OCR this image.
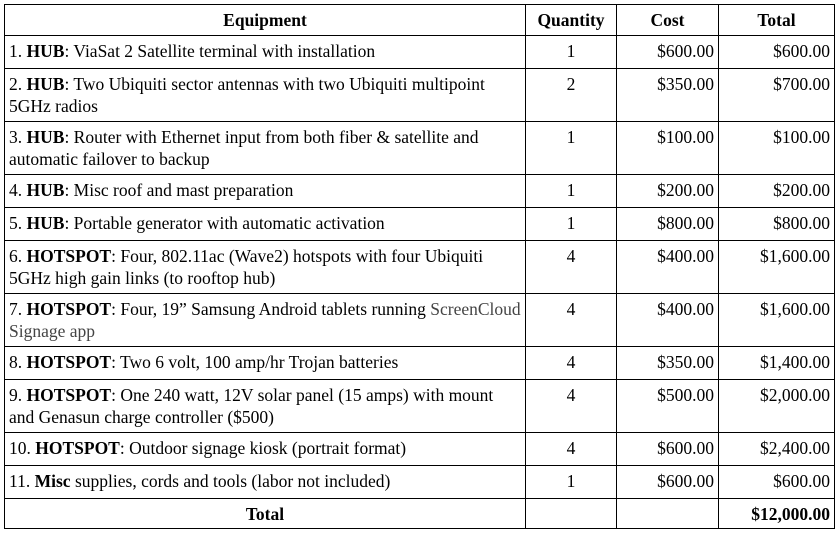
Equipment	Quantity	Cost	Total
1. HUB: ViaSat 2 Satellite terminal with installation	1	$600.00	$600.00
2. HUB: Two Ubiquiti sector antennas with two Ubiquiti multipoint 5GHz radios	2	$350.00	$700.00
3. HUB: Router with Ethernet input from both fiber & satellite and automatic failover to backup	1	$100.00	$100.00
4. HUB: Misc roof and mast preparation	1	$200.00	$200.00
5. HUB: Portable generator with automatic activation	1	$800.00	$800.00
6. HOTSPOT: Four, 802.11ac (Wave2) hotspots with four Ubiquiti 5GHz high gain links (to rooftop hub)	4	$400.00	$1,600.00
7. HOTSPOT: Four, 19” Samsung Android tablets running ScreenCloud Signage app	4	$400.00	$1,600.00
8. HOTSPOT: Two 6 volt, 100 amp/hr Trojan batteries	4	$350.00	$1,400.00
9. HOTSPOT: One 240 watt, 12V solar panel (15 amps) with mount and Genasun charge controller ($500)	4	$500.00	$2,000.00
10. HOTSPOT: Outdoor signage kiosk (portrait format)	4	$600.00	$2,400.00
11. Misc supplies, cords and tools (labor not included)	1	$600.00	$600.00
Total			$12,000.00
